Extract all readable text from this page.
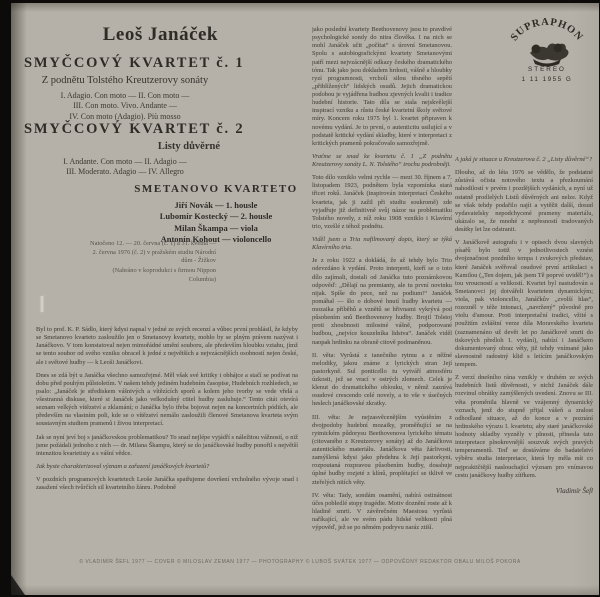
Leoš Janáček
SMYČCOVÝ KVARTET č. 1
Z podnětu Tolstého Kreutzerovy sonáty

I. Adagio. Con moto — II. Con moto —

III. Con moto. Vivo. Andante —

IV. Con moto (Adagio). Più mosso

SMYČCOVÝ KVARTET č. 2
Listy důvěrné

I. Andante. Con moto — II. Adagio —

III. Moderato. Adagio — IV. Allegro

SMETANOVO KVARTETO

Jiří Novák — 1. housle

Lubomír Kostecký — 2. housle

Milan Škampa — viola

Antonín Kohout — violoncello

Natočeno 12. — 20. června (č. 1) a 31. května —

2. června 1976 (č. 2) v pražském studiu Národní

dům - Žižkov

(Nahráno v koprodukci s firmou Nippon

Columbia)

SUPRAPHON
STEREO
1 11 1955 G

Byl to prof. K. P. Sádlo, který kdysi napsal v jedné ze svých recenzí a vůbec první prohlásil, že kdyby se Smetanovo kvarteto zasloužilo jen o Smetanovy kvartety, mohlo by se plným právem nazývat i Janáčkovo. V tom konstatoval nejen mimořádné umění souboru, ale především hloubku vztahu, jímž se tento soubor od svého vzniku obracel k jedné z největších a nejvzácnějších osobností nejen české, ale i světové hudby — k Leoši Janáčkovi.

Dnes se zdá být u Janáčka všechno samozřejmé. Měl však své kritiky i obhájce a stačí se podívat na dobu před pouhým půlstoletím. V našem tehdy jediném hudebním časopise, Hudebních rozhledech, se psalo: „Janáček je střediskem vášnivých a vítězících sporů a kolem jeho tvorby se vede vřelá a všestranná diskuse, které si Janáček jako velkodušný ctitel hudby zasluhuje.“ Tento citát otevírá seznam velkých vítězství a zklamání; o Janáčka bylo třeba bojovat nejen na koncertních pódiích, ale především na vlastním poli, kde se o vítězství nemálo zasloužili členové Smetanova kvarteta svým soustavným studiem pramenů i živou interpretací.

Jak se nyní jeví boj s janáčkovskou problematikou? To snad nejlépe vyjádří s náležitou vážností, o niž jsme požádali jednoho z nich — dr. Milana Škampu, který se do janáčkovské hudby ponořil s největší intenzitou kvartetisty a s vášní vědce.

Jak byste charakterizoval význam a zařazení janáčkových kvartetů?

V pozdních programových kvartetech Leoše Janáčka spatřujeme dovršení vrcholného vývoje snad i zasažení všech tvůrčích sil kvartetního žánru. Podobně

jako poslední kvartety Beethovenovy jsou to pravdivé psychologické sondy do nitra člověka. I na nich se mohl Janáček učit „počítat“ s úrovní Smetanovou. Spolu s autobiografickými kvartety Smetanovými patří mezi nejvzácnější odkazy českého dramatického tónu. Tak jako jsou dokladem hrdosti, vášně a hloubky ryzí programnosti, vrcholí silou těsného sepětí „přiblížených“ lidských osudů. Jejich dramatickou podobou je vyjádřena hudbou zjevných kvalit i tradice hudební historie. Tato díla se stala nejskvělejší inspirací vzniku a růstu české kvartetní školy světové míry. Koncem roku 1975 byl 1. kvartet připraven k novému vydání. Je to první, o autenticitu usilující a v podstatě kritické vydání skladby, které v interpretaci z kritických pramenů pokračovalo samozřejmě.

Vraťme se snad ke kvartetu č. 1 „Z podnětu Kreutzerovy sonáty L. N. Tolstého“ trochu podrobněji.

Toto dílo vzniklo velmi rychle — mezi 30. říjnem a 7. listopadem 1923, podnětem byla vzpomínka stará třicet roků. Janáček (inspirován interpretací Českého kvarteta, jak ji zažil při studiu soukromě) zde vyjadřuje již definitivně svůj názor na problematiku Tolstého novely, z níž roku 1908 vzniklo i Klavírní trio, vzešlé z téhož podnětu.

Viděl jsem u Tria nafilmovaný dopis, který se týká Klavírního tria.

Je z roku 1922 a dokládá, že až tehdy bylo Trio odevzdáno k vydání. Proto interpreti, kteří se o toto dílo zajímali, dostali od Janáčka tuto poznámkovou odpověď: „Dělají na premianty, ale tu první novinku nijak. Spíše do pece, než na podium!“ Janáček pomáhal — šlo o dobové hnutí hudby kvartetu — mozaika příběhů a vznětů se hřivnami vykrývá pod působením snů Beethovenovy hudby. Brojil Tolstoj proti zhoubnosti milostné vášně, podporované hudbou, „nejvíce kouzelníka lidstva“. Janáček viděl naopak hrdinku na obraně citově podmaněnou.

II. věta: Vyrůstá z tanečního rytmu a z něžné melodiky, jakou známe z lyrických stran Její pastorkyně. Sul ponticello tu vytváří atmosféru úzkosti, jež se vrací v ostrých zlomech. Celek je klenut do dramatického oblouku, v němž zaznívá osudové crescendo celé novely, a to vše v úsečných heslech janáčkovské zkratky.

III. věta: Je nejzasvěcenějším vyústěním z dvojpodoby hudební mozaiky, proměňující se na rytmickém půdorysu Beethovenova lyrického tématu (citovaného z Kreutzerovy sonáty) až do Janáčkova autentického materiálu. Janáčkova věta žárlivosti, zamýšlená kdysi jako předehra k Její pastorkyni, rozpoutaná rozpravou působením hudby, dosahuje úplné hudby rozjeté z klínů, proplétající se tklivě ve zteřelých nitích věty.

IV. věta: Tady, sondám osamění, nabírá ostinátnost účes pobledlé stopy tragédie. Motiv doznění roste až k hladině smrti. V závěrečném Maestosu vyrůstá naříkající, ale ve svém pádu lidské velikosti plná výpověď, jež se po němém podryvu naráz ztiší.

A jaká je situace u Kreutzerova č. 2 „Listy důvěrné“?

Dlouho, až do léta 1976 se vědělo, že podstatné zůstává očista notového textu a přezkoumání nahodilostí v prvém i pozdějších vydáních, a nyní už ostatně prodlelých Listů důvěrných ani nelze. Když se však tehdy podařilo najít a vytěžit další, dosud vydavatelsky nepodchycené prameny materiálu, ukázalo se, že mnohé z nepřesností tradovaných desítky let lze odstranit.

V Janáčkově autografu i v opisech dvou slavných písařů bylo totiž v jednotlivostech vznést dvojznačnost pozdního tempa i zvukových představ, které Janáček svěřoval osudové první artikulaci s Kamilou („Ten dojem, jak jsem Tě poprvé uviděl!“) s tou vroucností a velikostí. Kvartet byl nastudován a Smetanovci jej dotvářeli kvartetem dynamickým; viola, pak violoncello, Janáčkův „zvolší hlas“, rozezněl v téže intonaci, „navržený“ původně pro violu d'amour. Proti interpretační tradici, vžité s použitím zvláštní verze díla Moravského kvarteta (zaznamenáno už devět let po Janáčkově smrti do tiskových předloh 1. vydání), nabízí i Janáčkem dokumentovaný obraz věty, již tehdy vnímané jako slavnostně radostný klid s letícím janáčkovským tempem.

Z verzí dnešního rána vznikly v druhém ze svých hudebních listů důvěrnosti, v nichž Janáček dále rozvinul obrátky zamýšlených uvedení. Znovu se III. věta proměnila hlavně ve vzájemný dynamický vzmach, jenž do stupně přijal vášeň a zralost odhodlané situace, až do konce a v poznání hrdinského výrazu I. kvartetu; aby staré janáčkovské hodnoty skladby vyzněly v plnosti, přinesla tato interpretace plnokrevnější souzvuk svých pravých temperamentů. Teď se dostáváme do badatelství výběru studia interpretace, která by měla mít co nejpraktičtější naslouchající význam pro vnímavou cestu janáčkovy hudby zítřkem.

Vladimír Šefl
© VLADIMÍR ŠEFL 1977 — COVER © MILOSLAV ZEMAN 1977 — PHOTOGRAPHY © LUBOŠ SVÁTEK 1977 — ODPOVĚDNÝ REDAKTOR OBALU MILOŠ POKORA
